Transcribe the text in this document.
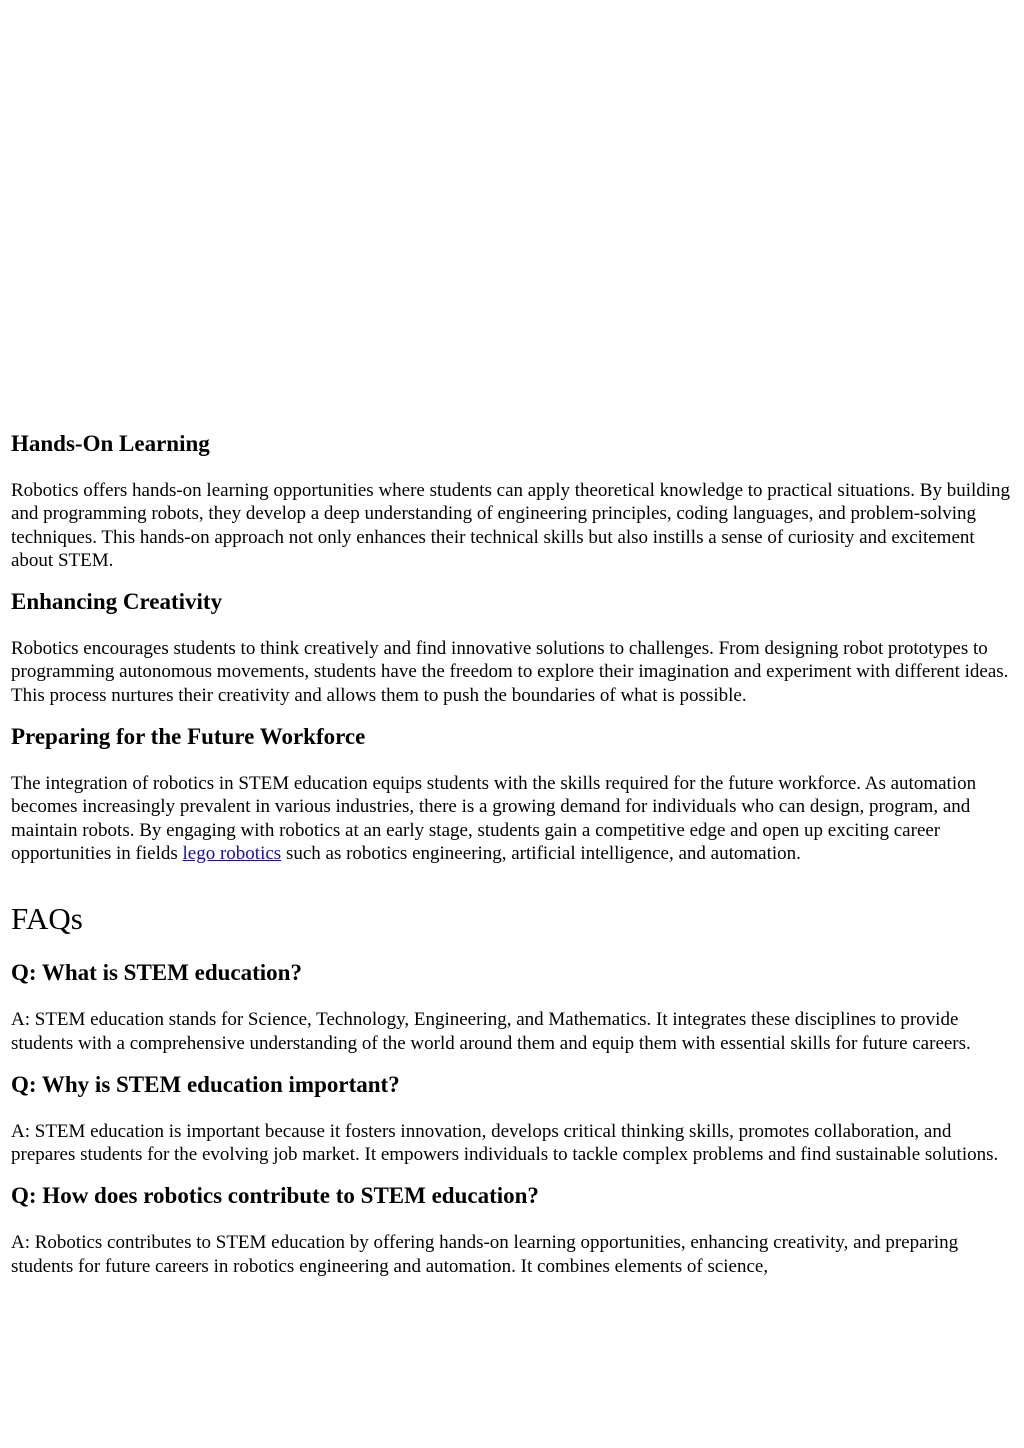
Hands-On Learning

Robotics offers hands-on learning opportunities where students can apply theoretical knowledge to practical situations. By building and programming robots, they develop a deep understanding of engineering principles, coding languages, and problem-solving techniques. This hands-on approach not only enhances their technical skills but also instills a sense of curiosity and excitement about STEM.

Enhancing Creativity

Robotics encourages students to think creatively and find innovative solutions to challenges. From designing robot prototypes to programming autonomous movements, students have the freedom to explore their imagination and experiment with different ideas. This process nurtures their creativity and allows them to push the boundaries of what is possible.

Preparing for the Future Workforce

The integration of robotics in STEM education equips students with the skills required for the future workforce. As automation becomes increasingly prevalent in various industries, there is a growing demand for individuals who can design, program, and maintain robots. By engaging with robotics at an early stage, students gain a competitive edge and open up exciting career opportunities in fields lego robotics such as robotics engineering, artificial intelligence, and automation.

FAQs
Q: What is STEM education?

A: STEM education stands for Science, Technology, Engineering, and Mathematics. It integrates these disciplines to provide students with a comprehensive understanding of the world around them and equip them with essential skills for future careers.

Q: Why is STEM education important?

A: STEM education is important because it fosters innovation, develops critical thinking skills, promotes collaboration, and prepares students for the evolving job market. It empowers individuals to tackle complex problems and find sustainable solutions.

Q: How does robotics contribute to STEM education?

A: Robotics contributes to STEM education by offering hands-on learning opportunities, enhancing creativity, and preparing students for future careers in robotics engineering and automation. It combines elements of science,
